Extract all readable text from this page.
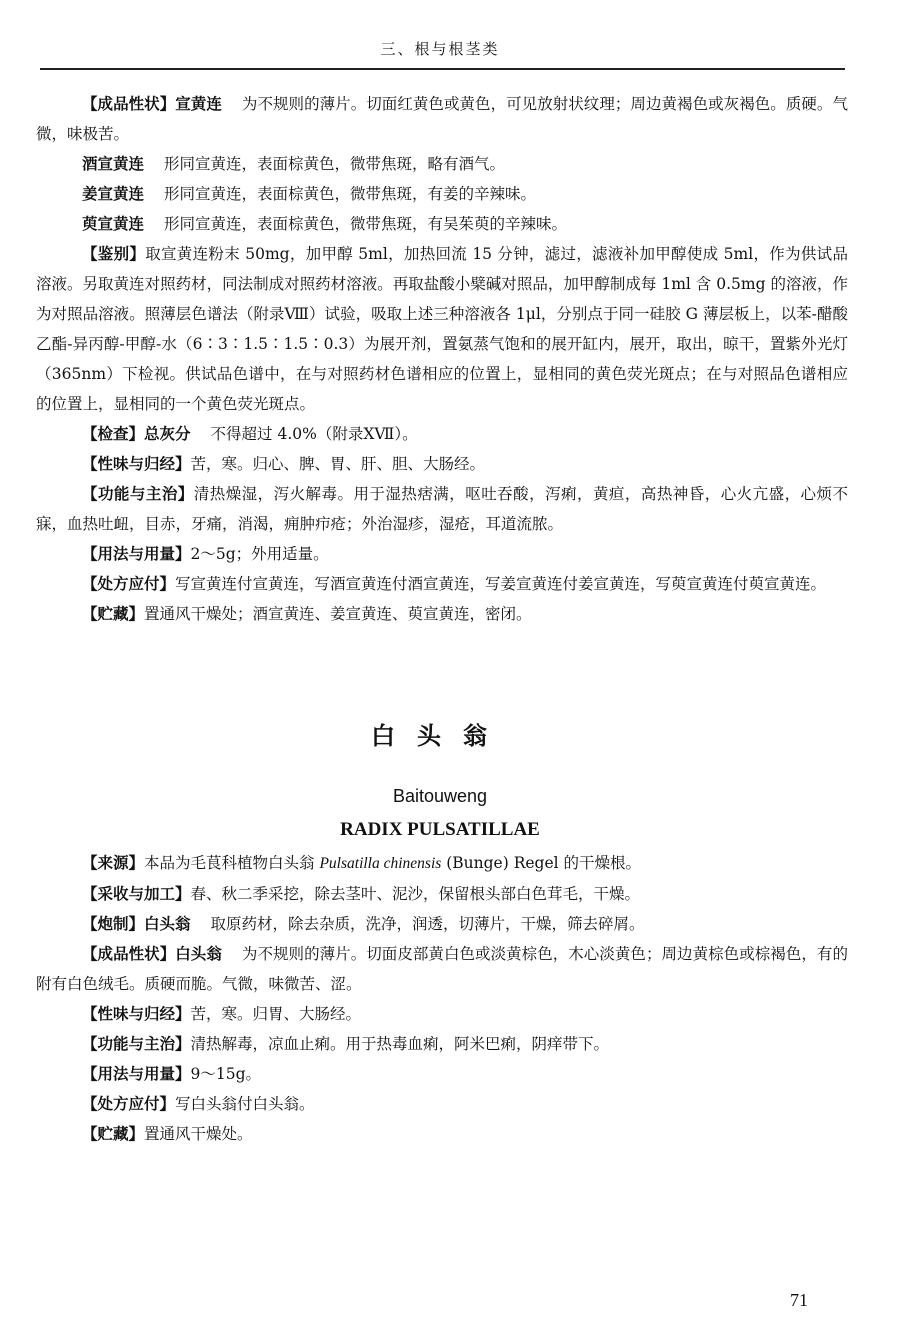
三、根与根茎类

【成品性状】宣黄连 为不规则的薄片。切面红黄色或黄色，可见放射状纹理；周边黄褐色或灰褐色。质硬。气微，味极苦。

酒宣黄连 形同宣黄连，表面棕黄色，微带焦斑，略有酒气。

姜宣黄连 形同宣黄连，表面棕黄色，微带焦斑，有姜的辛辣味。

萸宣黄连 形同宣黄连，表面棕黄色，微带焦斑，有吴茱萸的辛辣味。

【鉴别】取宣黄连粉末 50mg，加甲醇 5ml，加热回流 15 分钟，滤过，滤液补加甲醇使成 5ml，作为供试品溶液。另取黄连对照药材，同法制成对照药材溶液。再取盐酸小檗碱对照品，加甲醇制成每 1ml 含 0.5mg 的溶液，作为对照品溶液。照薄层色谱法（附录Ⅷ）试验，吸取上述三种溶液各 1μl，分别点于同一硅胶 G 薄层板上，以苯-醋酸乙酯-异丙醇-甲醇-水（6∶3∶1.5∶1.5∶0.3）为展开剂，置氨蒸气饱和的展开缸内，展开，取出，晾干，置紫外光灯（365nm）下检视。供试品色谱中，在与对照药材色谱相应的位置上，显相同的黄色荧光斑点；在与对照品色谱相应的位置上，显相同的一个黄色荧光斑点。

【检查】总灰分 不得超过 4.0%（附录ⅩⅦ）。

【性味与归经】苦，寒。归心、脾、胃、肝、胆、大肠经。

【功能与主治】清热燥湿，泻火解毒。用于湿热痞满，呕吐吞酸，泻痢，黄疸，高热神昏，心火亢盛，心烦不寐，血热吐衄，目赤，牙痛，消渴，痈肿疖疮；外治湿疹，湿疮，耳道流脓。

【用法与用量】2～5g；外用适量。

【处方应付】写宣黄连付宣黄连，写酒宣黄连付酒宣黄连，写姜宣黄连付姜宣黄连，写萸宣黄连付萸宣黄连。

【贮藏】置通风干燥处；酒宣黄连、姜宣黄连、萸宣黄连，密闭。

白头翁
Baitouweng
RADIX PULSATILLAE

【来源】本品为毛茛科植物白头翁 Pulsatilla chinensis (Bunge) Regel 的干燥根。

【采收与加工】春、秋二季采挖，除去茎叶、泥沙，保留根头部白色茸毛，干燥。

【炮制】白头翁 取原药材，除去杂质，洗净，润透，切薄片，干燥，筛去碎屑。

【成品性状】白头翁 为不规则的薄片。切面皮部黄白色或淡黄棕色，木心淡黄色；周边黄棕色或棕褐色，有的附有白色绒毛。质硬而脆。气微，味微苦、涩。

【性味与归经】苦，寒。归胃、大肠经。

【功能与主治】清热解毒，凉血止痢。用于热毒血痢，阿米巴痢，阴痒带下。

【用法与用量】9～15g。

【处方应付】写白头翁付白头翁。

【贮藏】置通风干燥处。

71
